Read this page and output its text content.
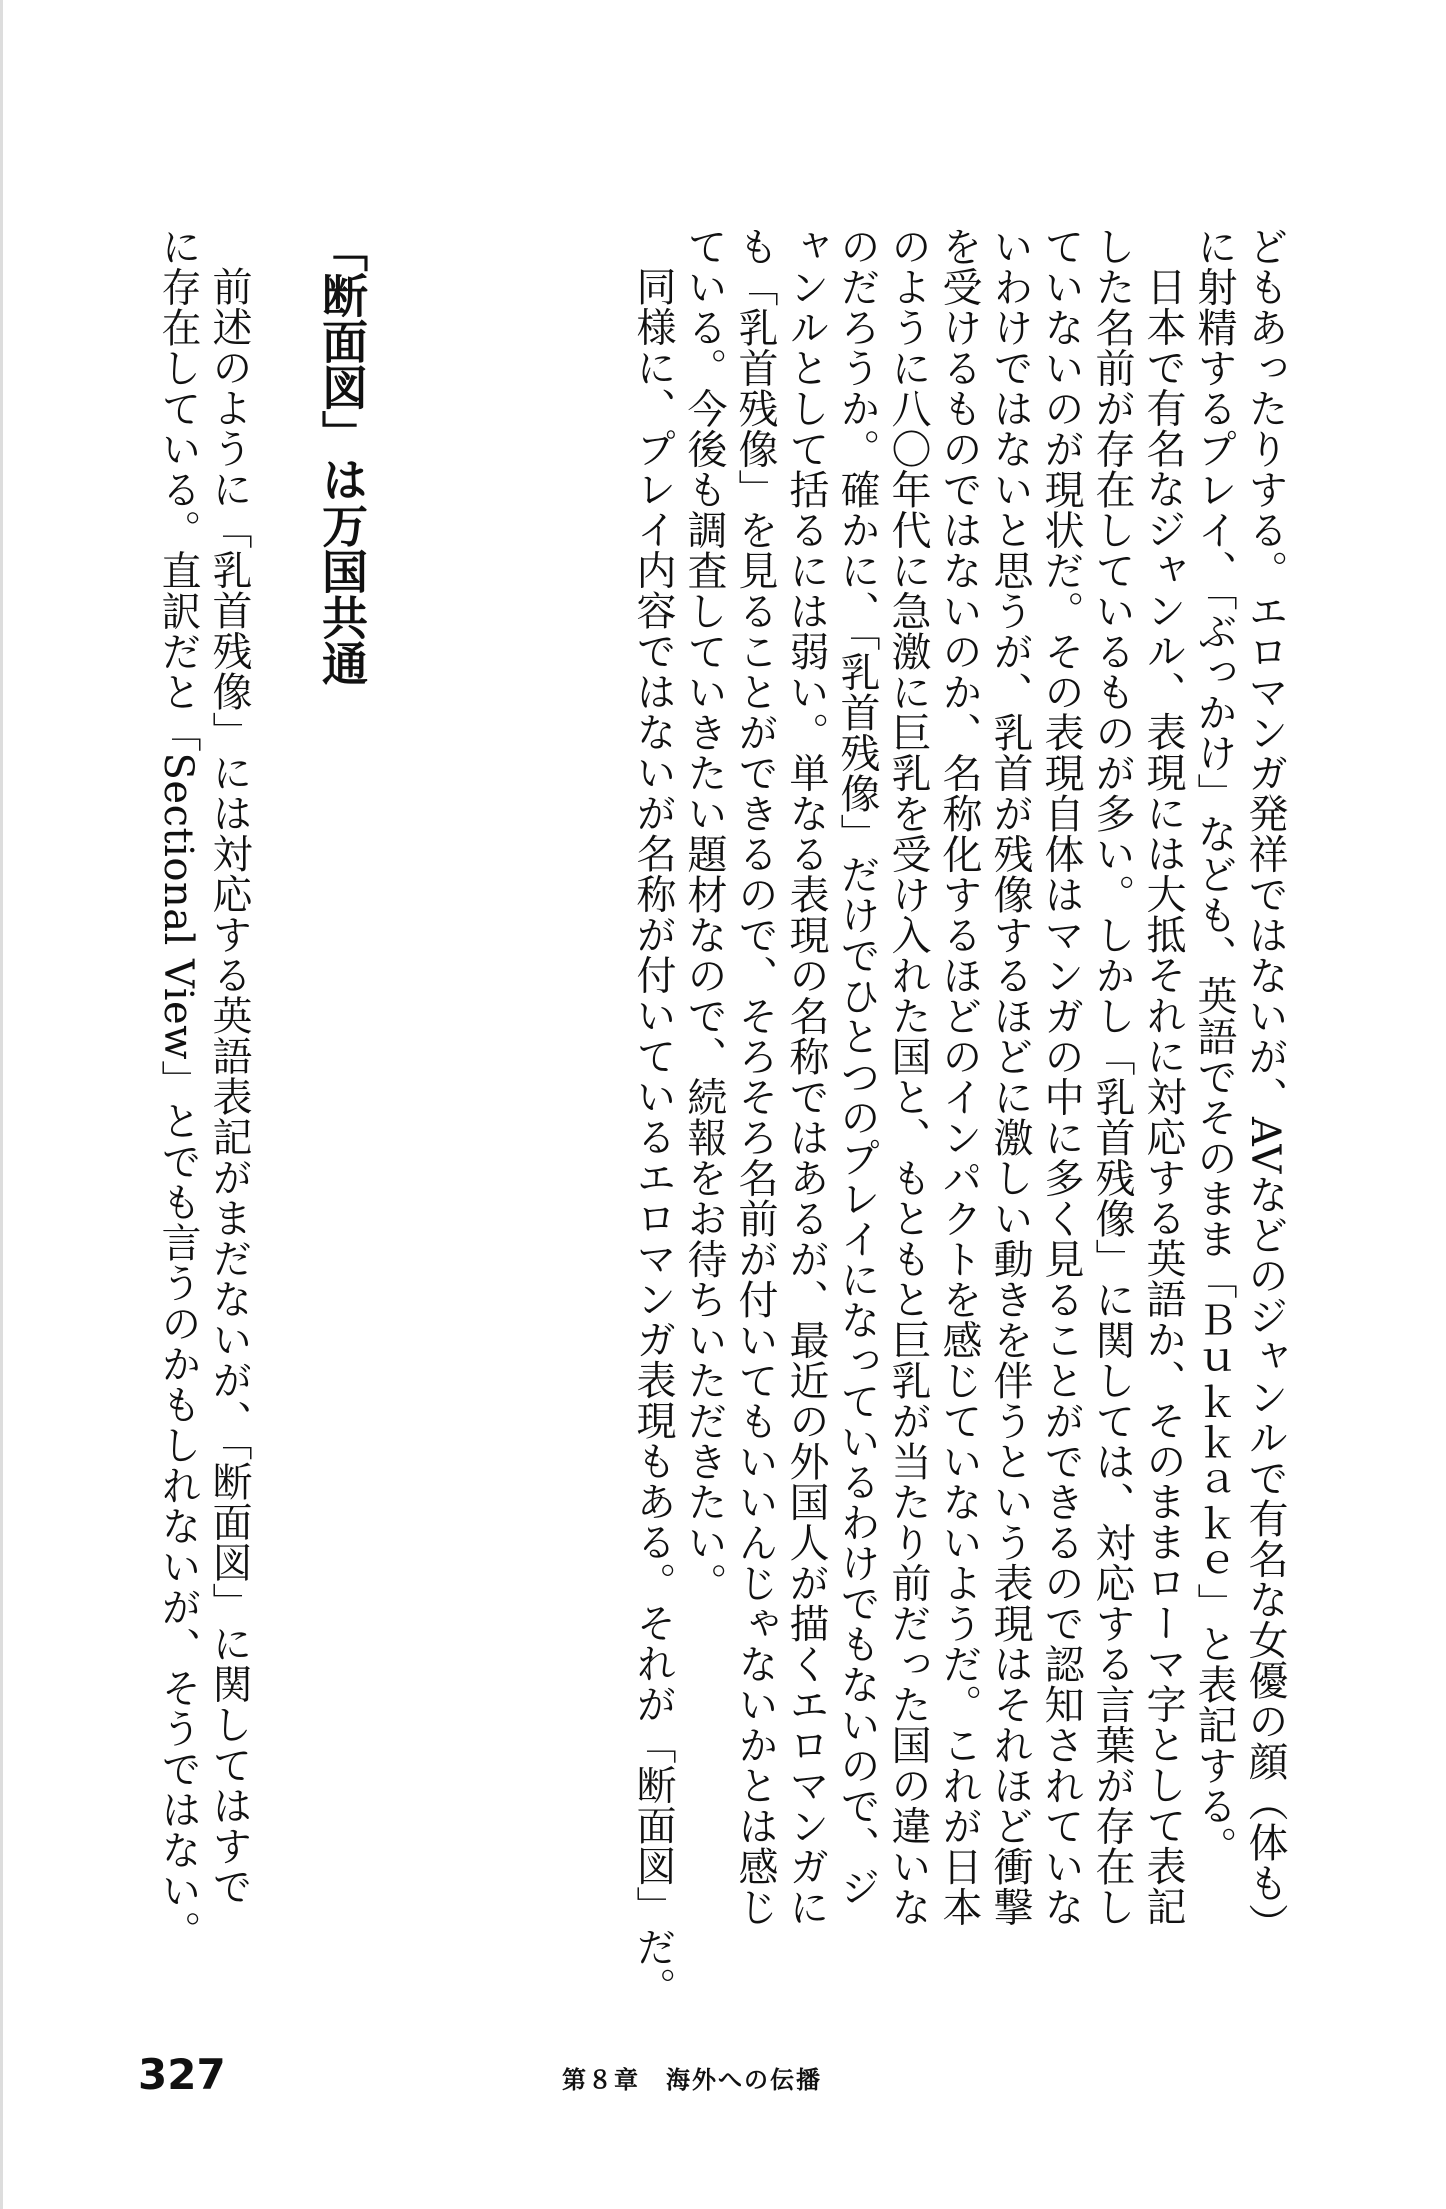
どもあったりする。エロマンガ発祥ではないが、AVなどのジャンルで有名な女優の顔（体も）
に射精するプレイ、「ぶっかけ」なども、英語でそのまま「Ｂｕｋｋａｋｅ」と表記する。
日本で有名なジャンル、表現には大抵それに対応する英語か、そのままローマ字として表記
した名前が存在しているものが多い。しかし「乳首残像」に関しては、対応する言葉が存在し
ていないのが現状だ。その表現自体はマンガの中に多く見ることができるので認知されていな
いわけではないと思うが、乳首が残像するほどに激しい動きを伴うという表現はそれほど衝撃
を受けるものではないのか、名称化するほどのインパクトを感じていないようだ。これが日本
のように八〇年代に急激に巨乳を受け入れた国と、もともと巨乳が当たり前だった国の違いな
のだろうか。確かに、「乳首残像」だけでひとつのプレイになっているわけでもないので、ジ
ャンルとして括るには弱い。単なる表現の名称ではあるが、最近の外国人が描くエロマンガに
も「乳首残像」を見ることができるので、そろそろ名前が付いてもいいんじゃないかとは感じ
ている。今後も調査していきたい題材なので、続報をお待ちいただきたい。
同様に、プレイ内容ではないが名称が付いているエロマンガ表現もある。それが「断面図」だ。
「断面図」は万国共通
前述のように「乳首残像」には対応する英語表記がまだないが、「断面図」に関してはすで
に存在している。直訳だと「Sectional View」とでも言うのかもしれないが、そうではない。
327	第８章　海外への伝播
